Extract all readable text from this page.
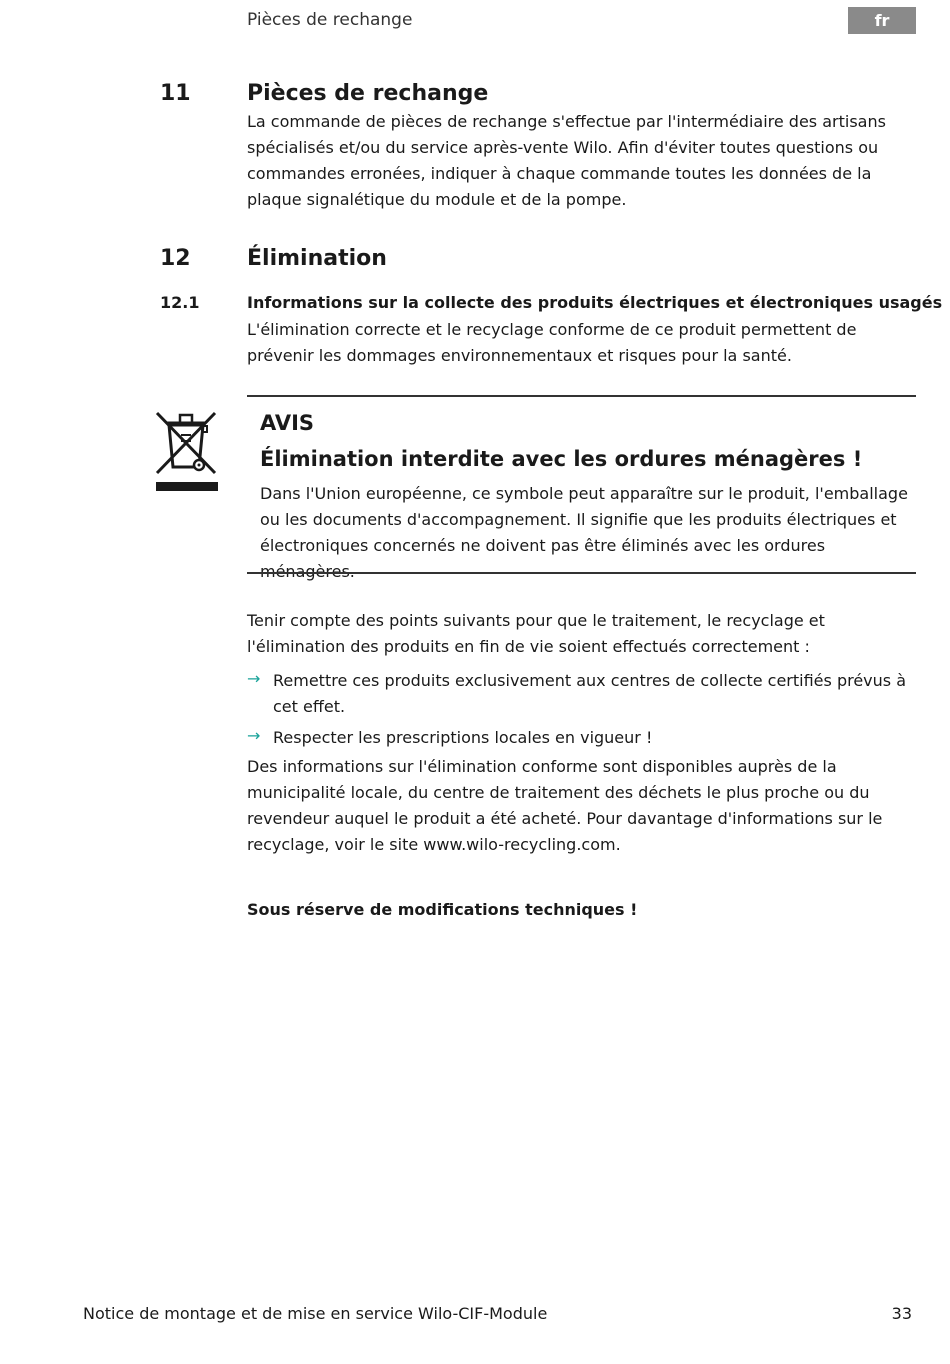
Pièces de rechange	fr
11	Pièces de rechange

La commande de pièces de rechange s'effectue par l'intermédiaire des artisans spécialisés et/ou du service après-vente Wilo. Afin d'éviter toutes questions ou commandes erronées, indiquer à chaque commande toutes les données de la plaque signalétique du module et de la pompe.

12	Élimination
12.1	Informations sur la collecte des produits électriques et électroniques usagés

L'élimination correcte et le recyclage conforme de ce produit permettent de prévenir les dommages environnementaux et risques pour la santé.

AVIS
Élimination interdite avec les ordures ménagères !

Dans l'Union européenne, ce symbole peut apparaître sur le produit, l'emballage ou les documents d'accompagnement. Il signifie que les produits électriques et électroniques concernés ne doivent pas être éliminés avec les ordures

Tenir compte des points suivants pour que le traitement, le recyclage et l'élimination des produits en fin de vie soient effectués correctement :

→ Remettre ces produits exclusivement aux centres de collecte certifiés prévus à cet effet.

→ Respecter les prescriptions locales en vigueur !

Des informations sur l'élimination conforme sont disponibles auprès de la municipalité locale, du centre de traitement des déchets le plus proche ou du revendeur auquel le produit a été acheté. Pour davantage d'informations sur le recyclage, voir le site www.wilo-recycling.com.

Sous réserve de modifications techniques !
Notice de montage et de mise en service Wilo-CIF-Module	33
